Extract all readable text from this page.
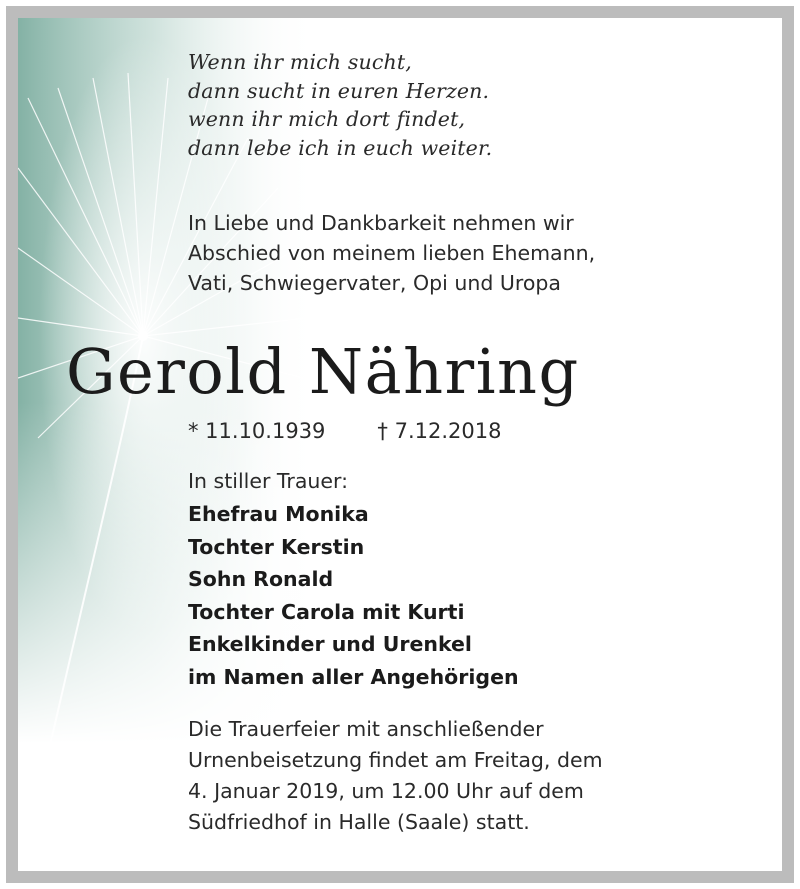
Wenn ihr mich sucht,
dann sucht in euren Herzen.
wenn ihr mich dort findet,
dann lebe ich in euch weiter.
In Liebe und Dankbarkeit nehmen wir
Abschied von meinem lieben Ehemann,
Vati, Schwiegervater, Opi und Uropa
Gerold Nähring
* 11.10.1939 † 7.12.2018
In stiller Trauer:
Ehefrau Monika
Tochter Kerstin
Sohn Ronald
Tochter Carola mit Kurti
Enkelkinder und Urenkel
im Namen aller Angehörigen
Die Trauerfeier mit anschließender
Urnenbeisetzung findet am Freitag, dem
4. Januar 2019, um 12.00 Uhr auf dem
Südfriedhof in Halle (Saale) statt.
